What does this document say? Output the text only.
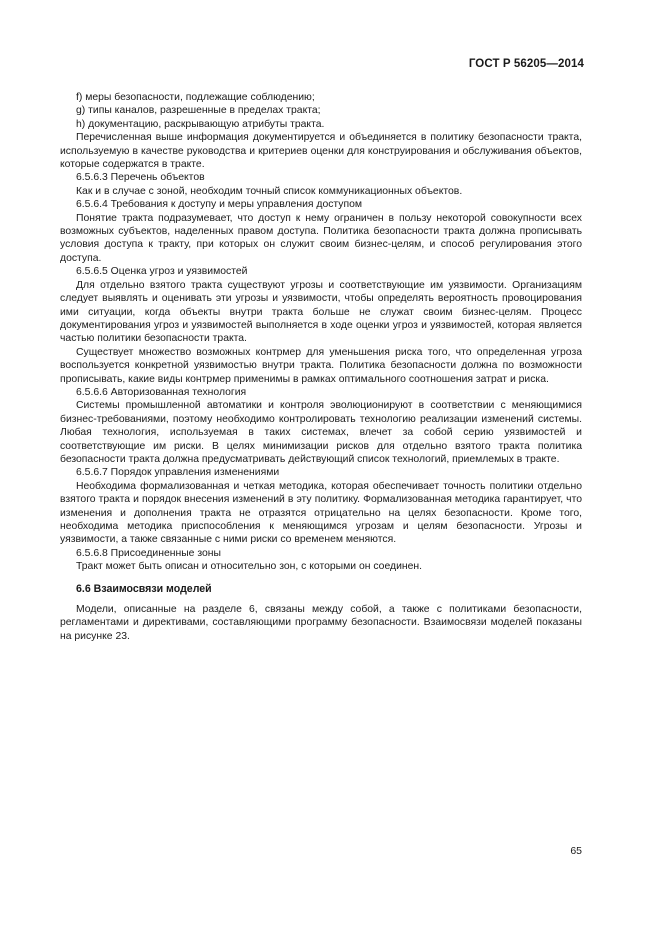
ГОСТ Р 56205—2014

f) меры безопасности, подлежащие соблюдению;

g) типы каналов, разрешенные в пределах тракта;

h) документацию, раскрывающую атрибуты тракта.

Перечисленная выше информация документируется и объединяется в политику безопасности тракта, используемую в качестве руководства и критериев оценки для конструирования и обслуживания объектов, которые содержатся в тракте.

6.5.6.3 Перечень объектов

Как и в случае с зоной, необходим точный список коммуникационных объектов.

6.5.6.4 Требования к доступу и меры управления доступом

Понятие тракта подразумевает, что доступ к нему ограничен в пользу некоторой совокупности всех возможных субъектов, наделенных правом доступа. Политика безопасности тракта должна прописывать условия доступа к тракту, при которых он служит своим бизнес-целям, и способ регулирования этого доступа.

6.5.6.5 Оценка угроз и уязвимостей

Для отдельно взятого тракта существуют угрозы и соответствующие им уязвимости. Организациям следует выявлять и оценивать эти угрозы и уязвимости, чтобы определять вероятность провоцирования ими ситуации, когда объекты внутри тракта больше не служат своим бизнес-целям. Процесс документирования угроз и уязвимостей выполняется в ходе оценки угроз и уязвимостей, которая является частью политики безопасности тракта.

Существует множество возможных контрмер для уменьшения риска того, что определенная угроза воспользуется конкретной уязвимостью внутри тракта. Политика безопасности должна по возможности прописывать, какие виды контрмер применимы в рамках оптимального соотношения затрат и риска.

6.5.6.6 Авторизованная технология

Системы промышленной автоматики и контроля эволюционируют в соответствии с меняющимися бизнес-требованиями, поэтому необходимо контролировать технологию реализации изменений системы. Любая технология, используемая в таких системах, влечет за собой серию уязвимостей и соответствующие им риски. В целях минимизации рисков для отдельно взятого тракта политика безопасности тракта должна предусматривать действующий список технологий, приемлемых в тракте.

6.5.6.7 Порядок управления изменениями

Необходима формализованная и четкая методика, которая обеспечивает точность политики отдельно взятого тракта и порядок внесения изменений в эту политику. Формализованная методика гарантирует, что изменения и дополнения тракта не отразятся отрицательно на целях безопасности. Кроме того, необходима методика приспособления к меняющимся угрозам и целям безопасности. Угрозы и уязвимости, а также связанные с ними риски со временем меняются.

6.5.6.8 Присоединенные зоны

Тракт может быть описан и относительно зон, с которыми он соединен.

6.6 Взаимосвязи моделей

Модели, описанные на разделе 6, связаны между собой, а также с политиками безопасности, регламентами и директивами, составляющими программу безопасности. Взаимосвязи моделей показаны на рисунке 23.

65
